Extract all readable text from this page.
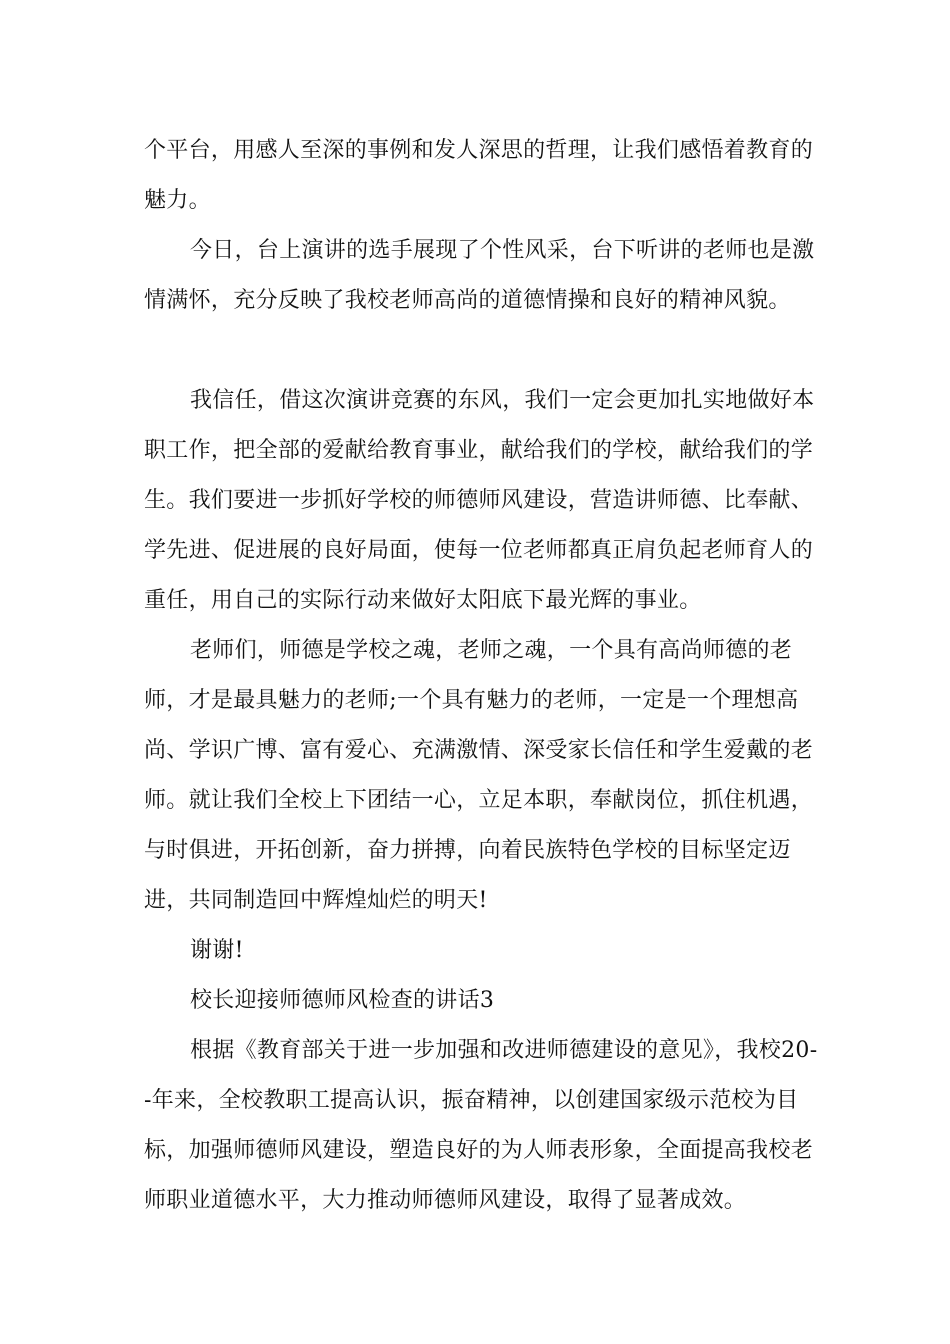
个平台，用感人至深的事例和发人深思的哲理，让我们感悟着教育的魅力。

今日，台上演讲的选手展现了个性风采，台下听讲的老师也是激情满怀，充分反映了我校老师高尚的道德情操和良好的精神风貌。

我信任，借这次演讲竞赛的东风，我们一定会更加扎实地做好本职工作，把全部的爱献给教育事业，献给我们的学校，献给我们的学生。我们要进一步抓好学校的师德师风建设，营造讲师德、比奉献、学先进、促进展的良好局面，使每一位老师都真正肩负起老师育人的重任，用自己的实际行动来做好太阳底下最光辉的事业。

老师们，师德是学校之魂，老师之魂，一个具有高尚师德的老师，才是最具魅力的老师;一个具有魅力的老师，一定是一个理想高尚、学识广博、富有爱心、充满激情、深受家长信任和学生爱戴的老师。就让我们全校上下团结一心，立足本职，奉献岗位，抓住机遇，与时俱进，开拓创新，奋力拼搏，向着民族特色学校的目标坚定迈进，共同制造回中辉煌灿烂的明天!

谢谢!

校长迎接师德师风检查的讲话3

根据《教育部关于进一步加强和改进师德建设的意见》，我校20--年来，全校教职工提高认识，振奋精神，以创建国家级示范校为目标，加强师德师风建设，塑造良好的为人师表形象，全面提高我校老师职业道德水平，大力推动师德师风建设，取得了显著成效。
